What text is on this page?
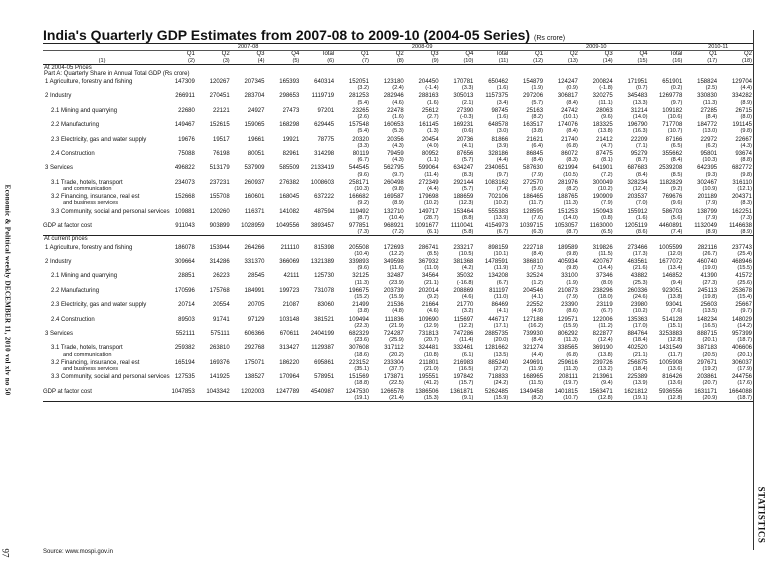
Economic & Political weekly DECEMBER 11, 2010 vol xlv no 50
97
STATISTICS
India's Quarterly GDP Estimates from 2007-08 to 2009-10 (2004-05 Series) (Rs crore)
	2007-08					2008-09					2009-10					2010-11	
	Q1	Q2	Q3	Q4	Total	Q1	Q2	Q3	Q4	Total	Q1	Q2	Q3	Q4	Total	Q1	Q2
(1)	(2)	(3)	(4)	(5)	(6)	(7)	(8)	(9)	(10)	(11)	(12)	(13)	(14)	(15)	(16)	(17)	(18)
At 2004-05 Prices																	
Part A: Quarterly Share in Annual Total GDP (Rs crore)																	
1 Agriculture, forestry and fishing	147309	120267	207345	165393	640314	152051	123180	204450	170781	650462	154879	124247	200824	171951	651901	158824	129704
						(3.2)	(2.4)	(-1.4)	(3.3)	(1.6)	(1.9)	(0.9)	(-1.8)	(0.7)	(0.2)	(2.5)	(4.4)
2 Industry	266911	270451	283704	298653	1119719	281253	282946	288163	305013	1157375	297206	306817	320275	345483	1269778	330830	334282
						(5.4)	(4.6)	(1.6)	(2.1)	(3.4)	(5.7)	(8.4)	(11.1)	(13.3)	(9.7)	(11.3)	(8.9)
2.1 Mining and quarrying	22680	22121	24927	27473	97201	23265	22478	25612	27390	98745	25163	24742	28063	31214	109182	27285	26715
						(2.6)	(1.6)	(2.7)	(-0.3)	(1.6)	(8.2)	(10.1)	(9.6)	(14.0)	(10.6)	(8.4)	(8.0)
2.2 Manufacturing	149467	152615	159065	168298	629445	157548	160653	161145	169231	648578	163517	174076	183325	196790	717708	184772	191145
						(5.4)	(5.3)	(1.3)	(0.6)	(3.0)	(3.8)	(8.4)	(13.8)	(16.3)	(10.7)	(13.0)	(9.8)
2.3 Electricity, gas and water supply	19676	19517	19661	19921	78775	20320	20356	20454	20736	81866	21621	21740	21412	22209	87166	22972	22667
						(3.3)	(4.3)	(4.0)	(4.1)	(3.9)	(6.4)	(6.8)	(4.7)	(7.1)	(6.5)	(6.2)	(4.3)
2.4 Construction	75088	76198	80051	82961	314298	80119	79459	80952	87656	328186	86845	86072	87475	95279	355662	95801	93674
						(6.7)	(4.3)	(1.1)	(5.7)	(4.4)	(8.4)	(8.3)	(8.1)	(8.7)	(8.4)	(10.3)	(8.8)
3 Services	496822	513179	537909	585509	2133419	544545	562795	599064	634247	2340651	587630	621994	641901	687683	2539208	642395	682772
						(9.6)	(9.7)	(11.4)	(8.3)	(9.7)	(7.9)	(10.5)	(7.2)	(8.4)	(8.5)	(9.3)	(9.8)
3.1 Trade, hotels, transport	234073	237231	260937	276382	1008603	258171	260498	272349	292144	1083162	272570	281976	300049	328234	1182829	302467	316110
and communication						(10.3)	(9.8)	(4.4)	(5.7)	(7.4)	(5.6)	(8.2)	(10.2)	(12.4)	(9.2)	(10.9)	(12.1)
3.2 Financing, insurance, real est	152668	155708	160601	168045	637222	166682	169587	179698	188659	702106	186465	188765	190909	203537	769676	201189	204371
and business services						(9.2)	(8.9)	(10.2)	(12.3)	(10.2)	(11.7)	(11.3)	(7.9)	(7.0)	(9.6)	(7.9)	(8.3)
3.3 Community, social and personal services	109881	120260	116371	141082	487594	119492	132710	149717	153464	555383	128595	151253	150943	155912	586703	138799	162251
						(8.7)	(10.4)	(28.7)	(8.8)	(13.9)	(7.6)	(14.0)	(0.8)	(1.6)	(5.6)	(7.9)	(7.3)
GDP at factor cost	911043	903899	1028959	1049556	3893457	977851	968921	1091677	1110041	4154973	1039715	1053057	1163000	1205119	4460891	1132049	1146638
						(7.3)	(7.2)	(6.1)	(5.8)	(6.7)	(6.3)	(8.7)	(6.5)	(8.6)	(7.4)	(8.9)	(8.9)
At current prices																	
1 Agriculture, forestry and fishing	186078	153944	264266	211110	815398	205508	172693	286741	233217	898159	222718	189589	319826	273466	1005599	282116	237743
						(10.4)	(12.2)	(8.5)	(10.5)	(10.1)	(8.4)	(9.8)	(11.5)	(17.3)	(12.0)	(26.7)	(25.4)
2 Industry	309664	314286	331370	366069	1321389	339893	349598	367932	381368	1478591	386810	405934	420767	463561	1677072	460740	468946
						(9.6)	(11.6)	(11.0)	(4.2)	(11.9)	(7.5)	(9.8)	(14.4)	(21.6)	(13.4)	(19.0)	(15.5)
2.1 Mining and quarrying	28851	26223	28545	42111	125730	32125	32487	34564	35032	134208	32524	33100	37346	43882	146852	41390	41572
						(11.3)	(23.9)	(21.1)	(-16.8)	(6.7)	(1.2)	(1.9)	(8.0)	(25.3)	(9.4)	(27.3)	(25.6)
2.2 Manufacturing	170596	175768	184991	199723	731078	196675	203739	202014	208869	811197	204546	210873	238296	260336	923051	245113	253678
						(15.2)	(15.9)	(9.2)	(4.6)	(11.0)	(4.1)	(7.9)	(18.0)	(24.6)	(13.8)	(19.8)	(15.4)
2.3 Electricity, gas and water supply	20714	20554	20705	21087	83060	21499	21536	21664	21770	86469	22552	23390	23119	23980	93041	25603	25667
						(3.8)	(4.8)	(4.6)	(3.2)	(4.1)	(4.9)	(8.6)	(6.7)	(10.2)	(7.6)	(13.5)	(9.7)
2.4 Construction	89503	91741	97129	103148	381521	109494	111836	109690	115697	446717	127188	129571	122006	135363	514128	148234	148029
						(22.3)	(21.9)	(12.9)	(12.2)	(17.1)	(16.2)	(15.9)	(11.2)	(17.0)	(15.1)	(16.5)	(14.2)
3 Services	552111	575111	606366	670611	2404199	682329	724287	731813	747286	2885735	739930	806292	822877	884764	3253883	888715	957399
						(23.6)	(25.9)	(20.7)	(11.4)	(20.0)	(8.4)	(11.3)	(12.4)	(18.4)	(12.8)	(20.1)	(18.7)
3.1 Trade, hotels, transport	259382	263810	292768	313427	1129387	307608	317112	324481	332461	1281662	321274	338565	369190	402520	1431549	387183	406606
and communication						(18.6)	(20.2)	(10.8)	(6.1)	(13.5)	(4.4)	(6.8)	(13.8)	(21.1)	(11.7)	(20.5)	(20.1)
3.2 Financing, insurance, real est	165194	169376	175071	186220	695861	223152	233304	211801	216983	885240	249691	259616	239726	256875	1005908	297671	306037
and business services						(35.1)	(37.7)	(21.0)	(16.5)	(27.2)	(11.9)	(11.3)	(13.2)	(18.4)	(13.6)	(19.2)	(17.9)
3.3 Community, social and personal services	127535	141925	138527	170964	578951	151569	173871	195551	197842	718833	168965	208111	213961	225389	816426	203861	244756
						(18.8)	(22.5)	(41.2)	(15.7)	(24.2)	(11.5)	(19.7)	(9.4)	(13.9)	(13.6)	(20.7)	(17.6)
GDP at factor cost	1047853	1043342	1202003	1247789	4540987	1247530	1266578	1386506	1361871	5262485	1349458	1401815	1563471	1621812	5936556	1631171	1664088
						(19.1)	(21.4)	(15.3)	(9.1)	(15.9)	(8.2)	(10.7)	(12.8)	(19.1)	(12.8)	(20.9)	(18.7)
Source: www.mospi.gov.in
